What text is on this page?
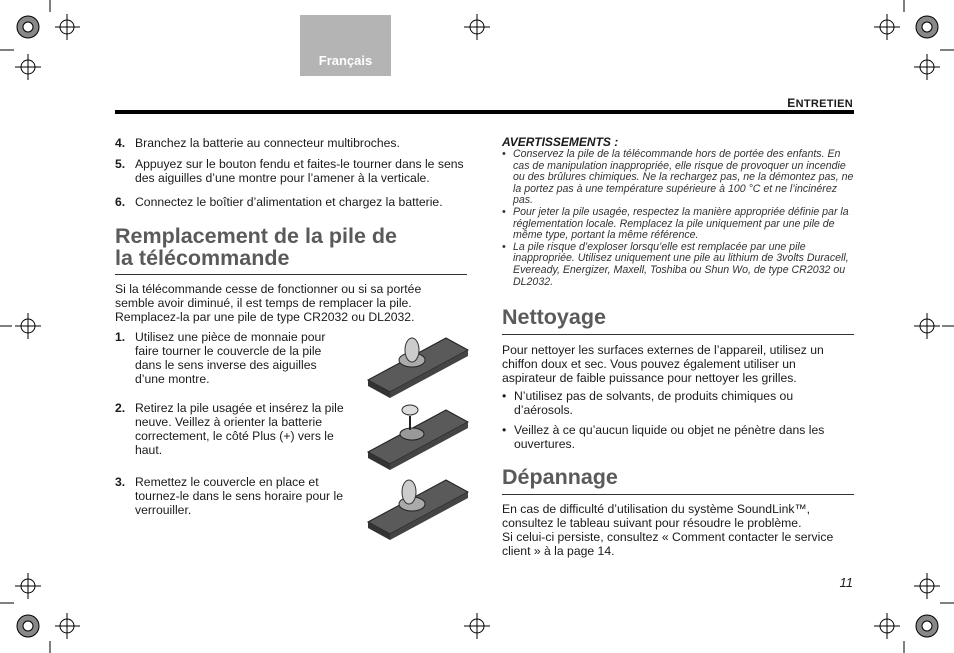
Français
ENTRETIEN
4. Branchez la batterie au connecteur multibroches.
5. Appuyez sur le bouton fendu et faites-le tourner dans le sens des aiguilles d’une montre pour l’amener à la verticale.
6. Connectez le boîtier d’alimentation et chargez la batterie.
Remplacement de la pile de
la télécommande
Si la télécommande cesse de fonctionner ou si sa portée semble avoir diminué, il est temps de remplacer la pile. Remplacez-la par une pile de type CR2032 ou DL2032.
1. Utilisez une pièce de monnaie pour faire tourner le couvercle de la pile dans le sens inverse des aiguilles d’une montre.
2. Retirez la pile usagée et insérez la pile neuve. Veillez à orienter la batterie correctement, le côté Plus (+) vers le haut.
3. Remettez le couvercle en place et tournez-le dans le sens horaire pour le verrouiller.
AVERTISSEMENTS :
• Conservez la pile de la télécommande hors de portée des enfants. En cas de manipulation inappropriée, elle risque de provoquer un incendie ou des brûlures chimiques. Ne la rechargez pas, ne la démontez pas, ne la portez pas à une température supérieure à 100 °C et ne l’incinérez pas.
• Pour jeter la pile usagée, respectez la manière appropriée définie par la réglementation locale. Remplacez la pile uniquement par une pile de même type, portant la même référence.
• La pile risque d’exploser lorsqu’elle est remplacée par une pile inappropriée. Utilisez uniquement une pile au lithium de 3volts Duracell, Eveready, Energizer, Maxell, Toshiba ou Shun Wo, de type CR2032 ou DL2032.
Nettoyage
Pour nettoyer les surfaces externes de l’appareil, utilisez un chiffon doux et sec. Vous pouvez également utiliser un aspirateur de faible puissance pour nettoyer les grilles.
• N’utilisez pas de solvants, de produits chimiques ou d’aérosols.
• Veillez à ce qu’aucun liquide ou objet ne pénètre dans les ouvertures.
Dépannage
En cas de difficulté d’utilisation du système SoundLink™, consultez le tableau suivant pour résoudre le problème.
Si celui-ci persiste, consultez « Comment contacter le service client » à la page 14.
11
